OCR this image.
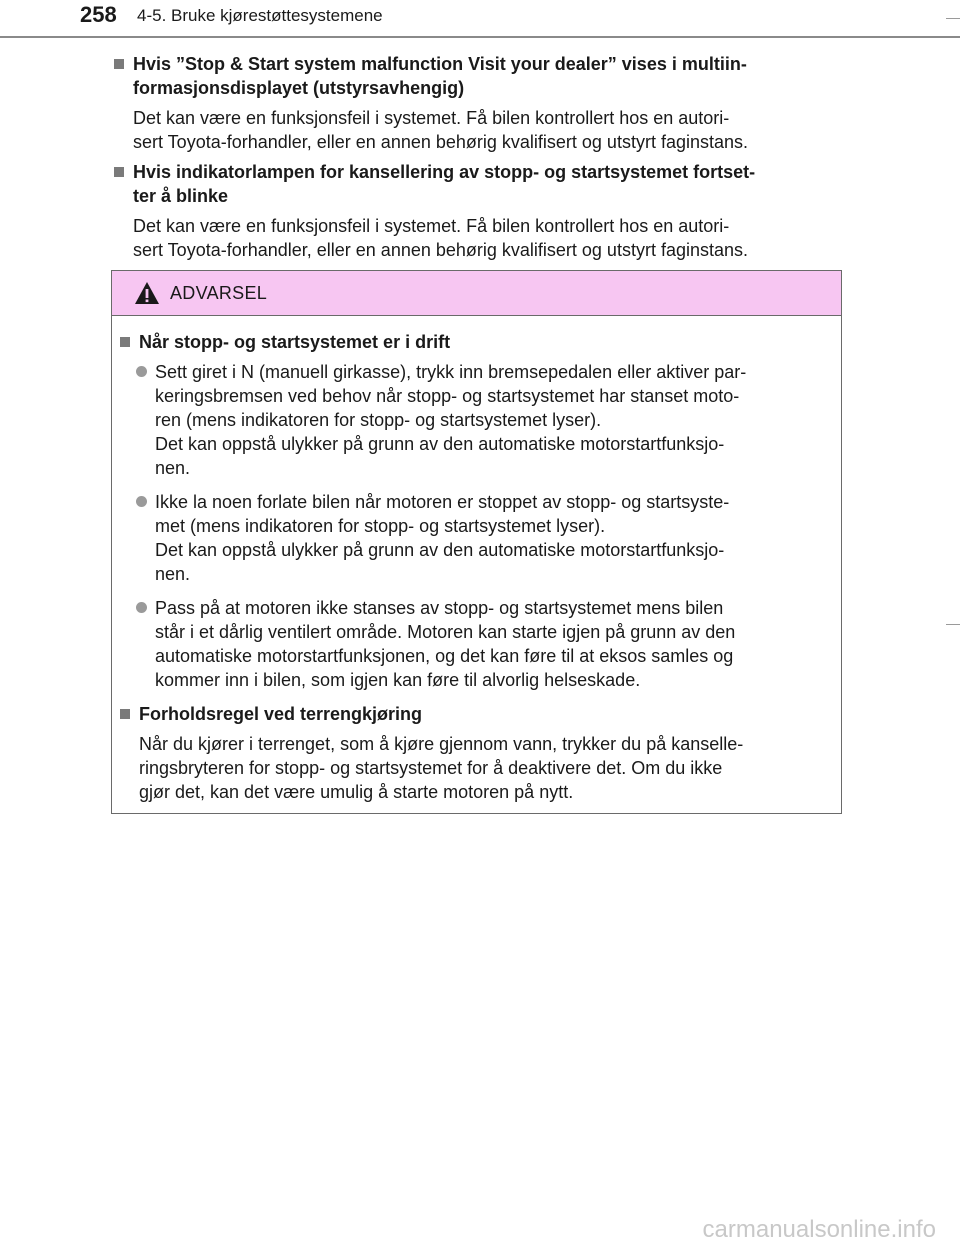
258 4-5. Bruke kjørestøttesystemene
Hvis ”Stop & Start system malfunction Visit your dealer” vises i multiin-
formasjonsdisplayet (utstyrsavhengig)
Det kan være en funksjonsfeil i systemet. Få bilen kontrollert hos en autori-
sert Toyota-forhandler, eller en annen behørig kvalifisert og utstyrt faginstans.
Hvis indikatorlampen for kansellering av stopp- og startsystemet fortset-
ter å blinke
Det kan være en funksjonsfeil i systemet. Få bilen kontrollert hos en autori-
sert Toyota-forhandler, eller en annen behørig kvalifisert og utstyrt faginstans.
ADVARSEL
Når stopp- og startsystemet er i drift

Sett giret i N (manuell girkasse), trykk inn bremsepedalen eller aktiver par-
keringsbremsen ved behov når stopp- og startsystemet har stanset moto-
ren (mens indikatoren for stopp- og startsystemet lyser).

Det kan oppstå ulykker på grunn av den automatiske motorstartfunksjo-
nen.

Ikke la noen forlate bilen når motoren er stoppet av stopp- og startsyste-
met (mens indikatoren for stopp- og startsystemet lyser).

Det kan oppstå ulykker på grunn av den automatiske motorstartfunksjo-
nen.

Pass på at motoren ikke stanses av stopp- og startsystemet mens bilen
står i et dårlig ventilert område. Motoren kan starte igjen på grunn av den
automatiske motorstartfunksjonen, og det kan føre til at eksos samles og
kommer inn i bilen, som igjen kan føre til alvorlig helseskade.

Forholdsregel ved terrengkjøring
Når du kjører i terrenget, som å kjøre gjennom vann, trykker du på kanselle-
ringsbryteren for stopp- og startsystemet for å deaktivere det. Om du ikke
gjør det, kan det være umulig å starte motoren på nytt.
carmanualsonline.info
